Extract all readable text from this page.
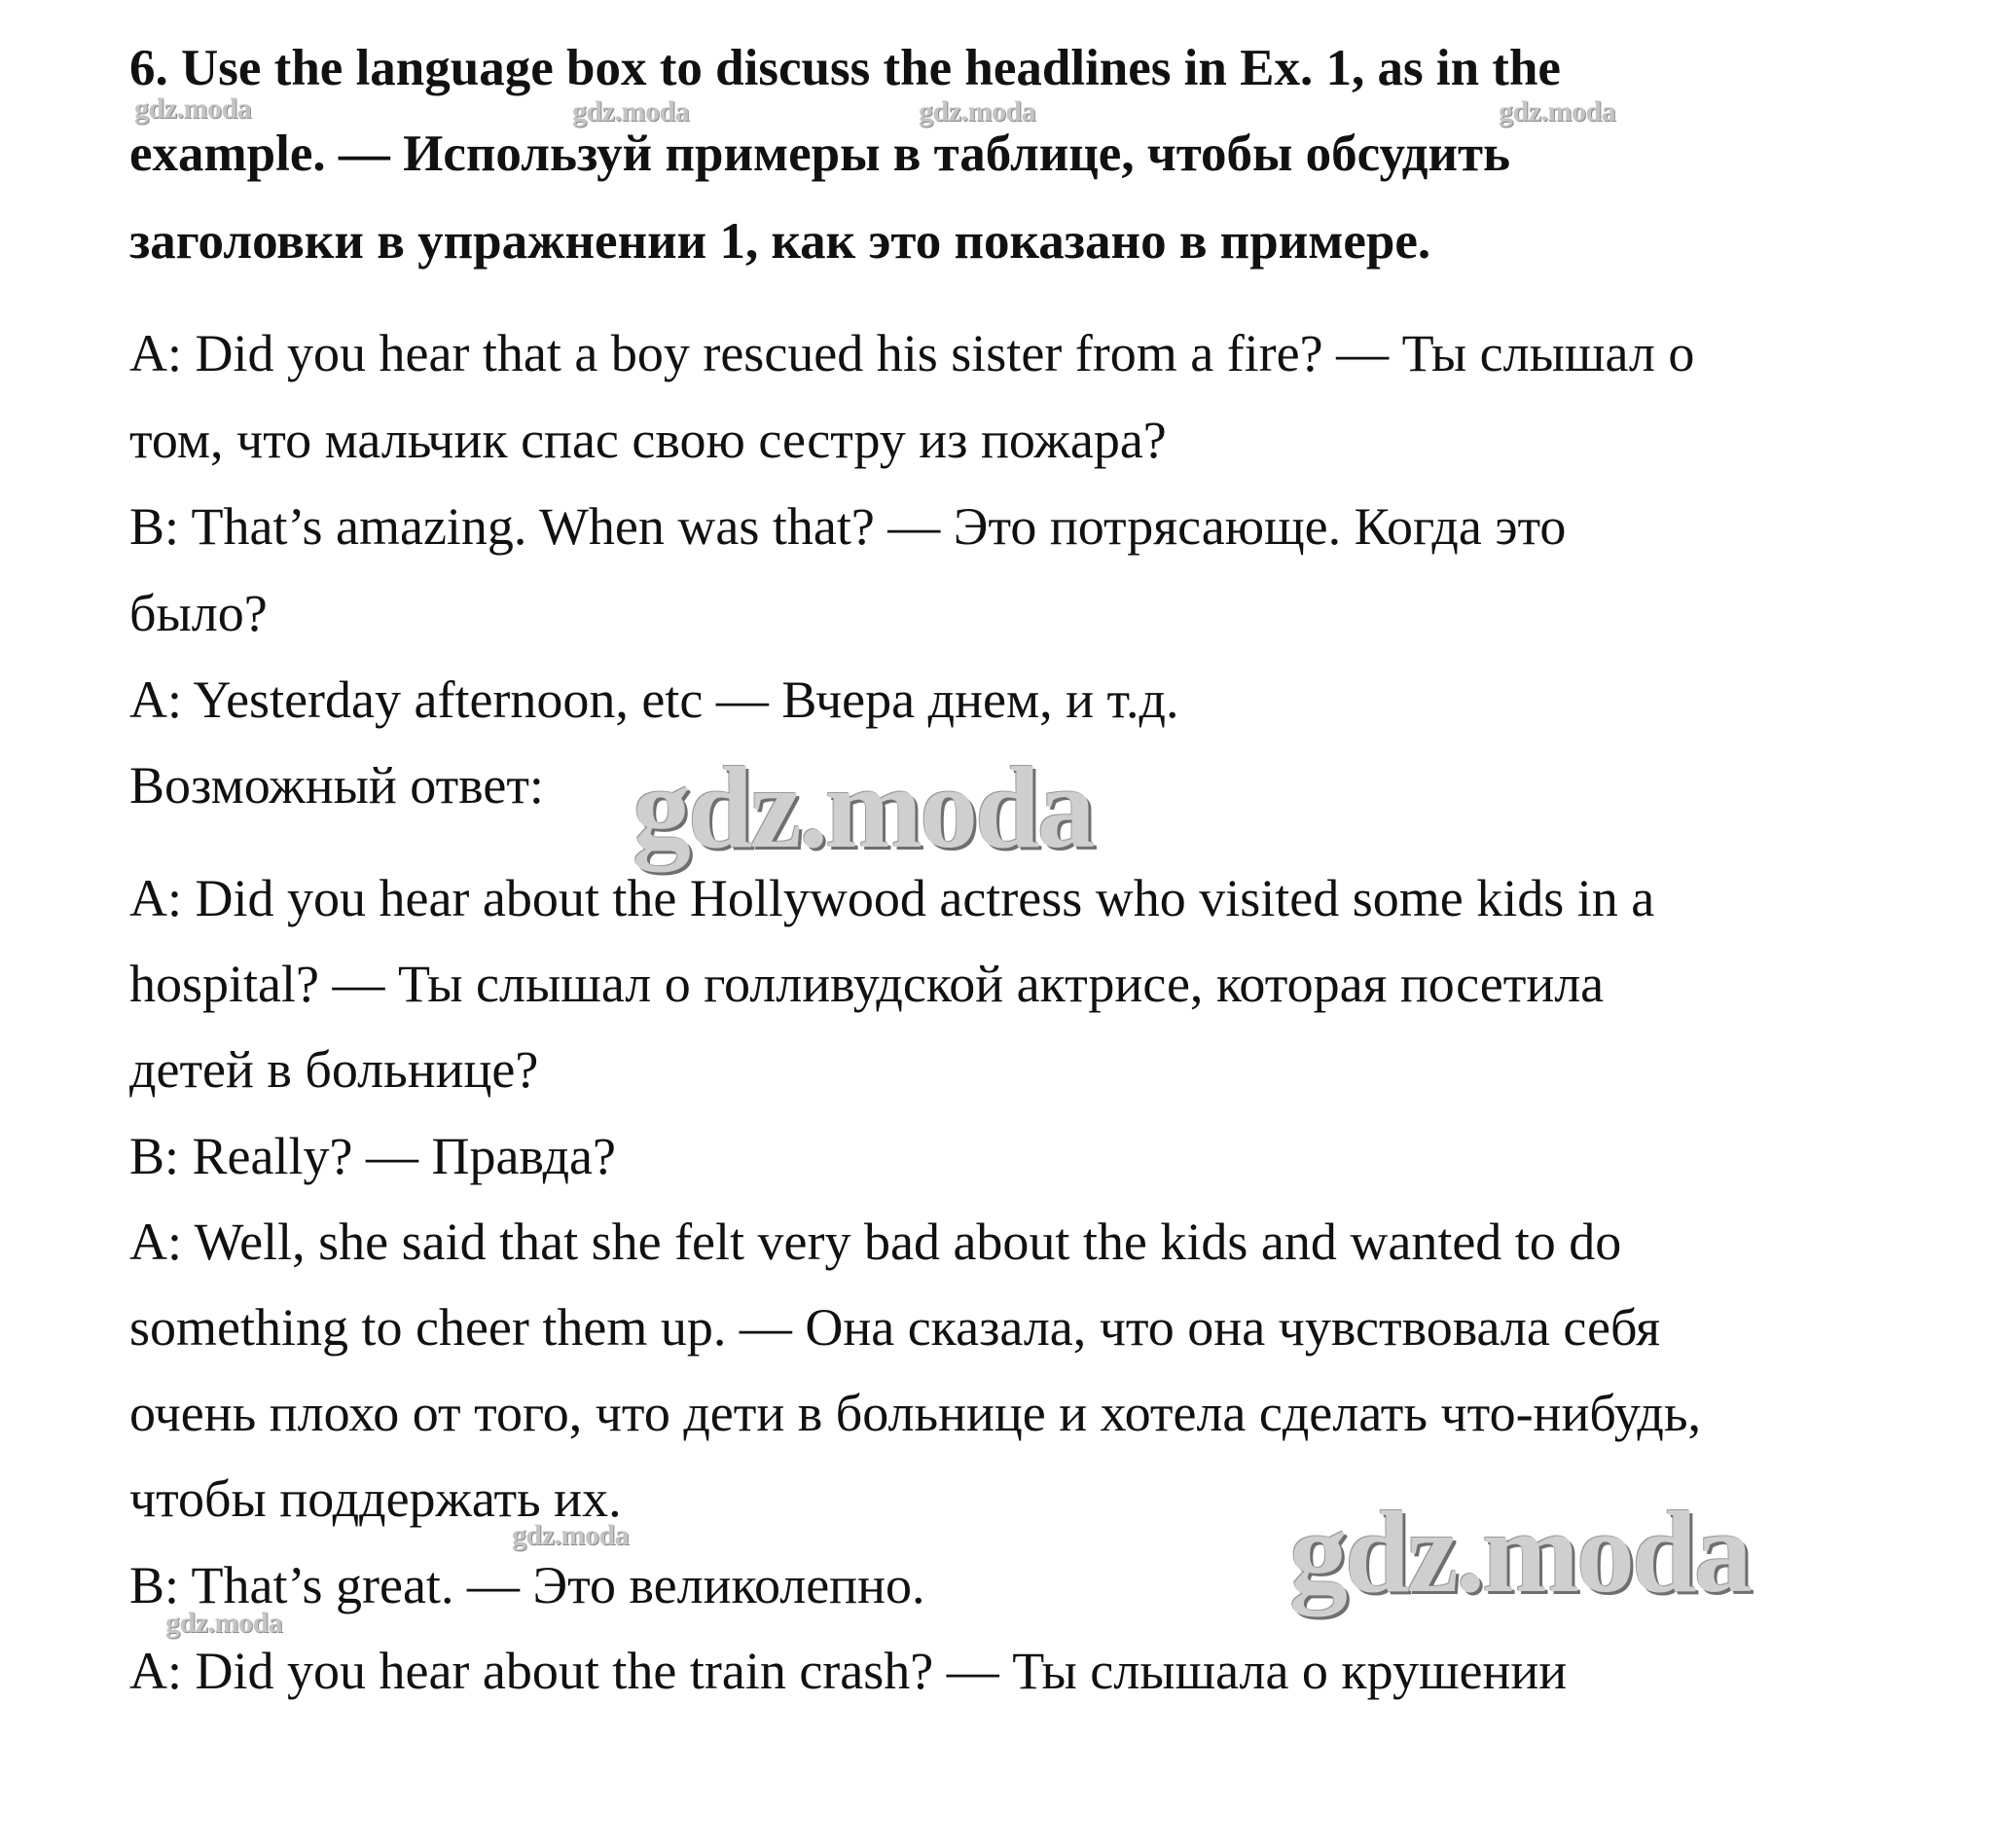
6. Use the language box to discuss the headlines in Ex. 1, as in the
example. — Используй примеры в таблице, чтобы обсудить
заголовки в упражнении 1, как это показано в примере.
A: Did you hear that a boy rescued his sister from a fire? — Ты слышал о
том, что мальчик спас свою сестру из пожара?
B: That’s amazing. When was that? — Это потрясающе. Когда это
было?
A: Yesterday afternoon, etc — Вчера днем, и т.д.
Возможный ответ:
A: Did you hear about the Hollywood actress who visited some kids in a
hospital? — Ты слышал о голливудской актрисе, которая посетила
детей в больнице?
B: Really? — Правда?
A: Well, she said that she felt very bad about the kids and wanted to do
something to cheer them up. — Она сказала, что она чувствовала себя
очень плохо от того, что дети в больнице и хотела сделать что-нибудь,
чтобы поддержать их.
B: That’s great. — Это великолепно.
A: Did you hear about the train crash? — Ты слышала о крушении
gdz.moda	gdz.moda	gdz.moda	gdz.moda
gdz.moda
gdz.moda
gdz.moda
gdz.moda
